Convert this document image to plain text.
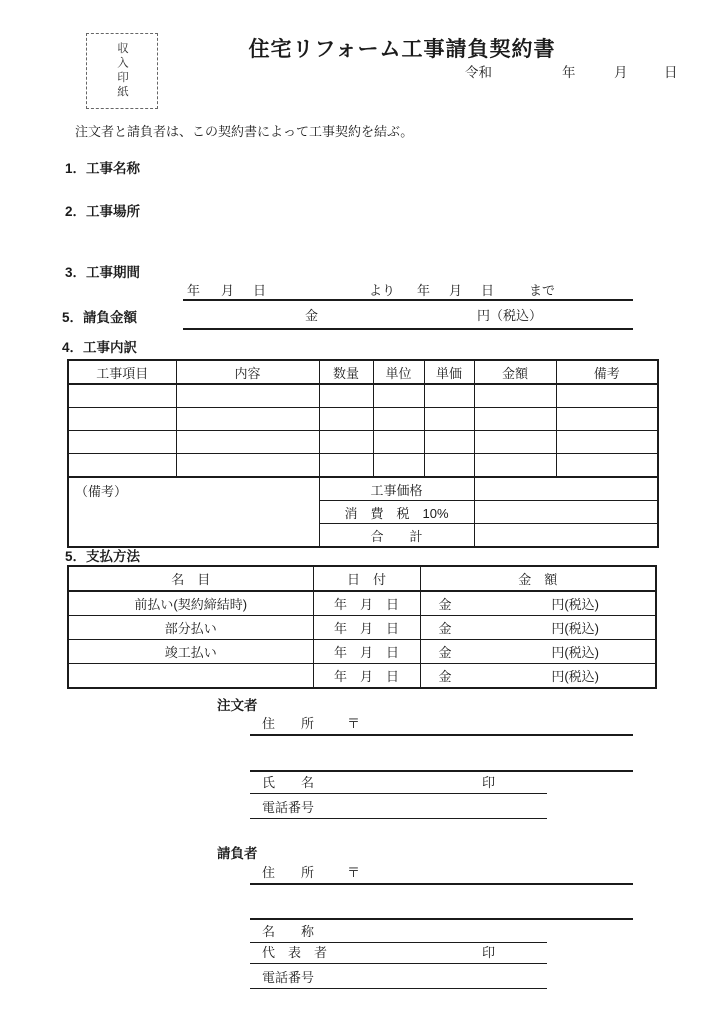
収入印紙	住宅リフォーム工事請負契約書
令和	年	月	日
注文者と請負者は、この契約書によって工事契約を結ぶ。
1．工事名称
2．工事場所
3．工事期間
年 月 日	より 年 月 日	まで
5．請負金額	金	円（税込）
4．工事内訳
工事項目	内容	数量	単位	単価	金額	備考

（備考）		工事価格				
		消　費　税　10%				
		合　　計				
5．支払方法
名　目	日　付	金　額
前払い(契約締結時)	年　月　日	金 円(税込)

部分払い	年　月　日	金 円(税込)

竣工払い	年　月　日	金 円(税込)

	年　月　日	金 円(税込)
注文者
住　　所	〒
氏　　名	印
電話番号
請負者
住　　所	〒
名　　称
代　表　者	印
電話番号
